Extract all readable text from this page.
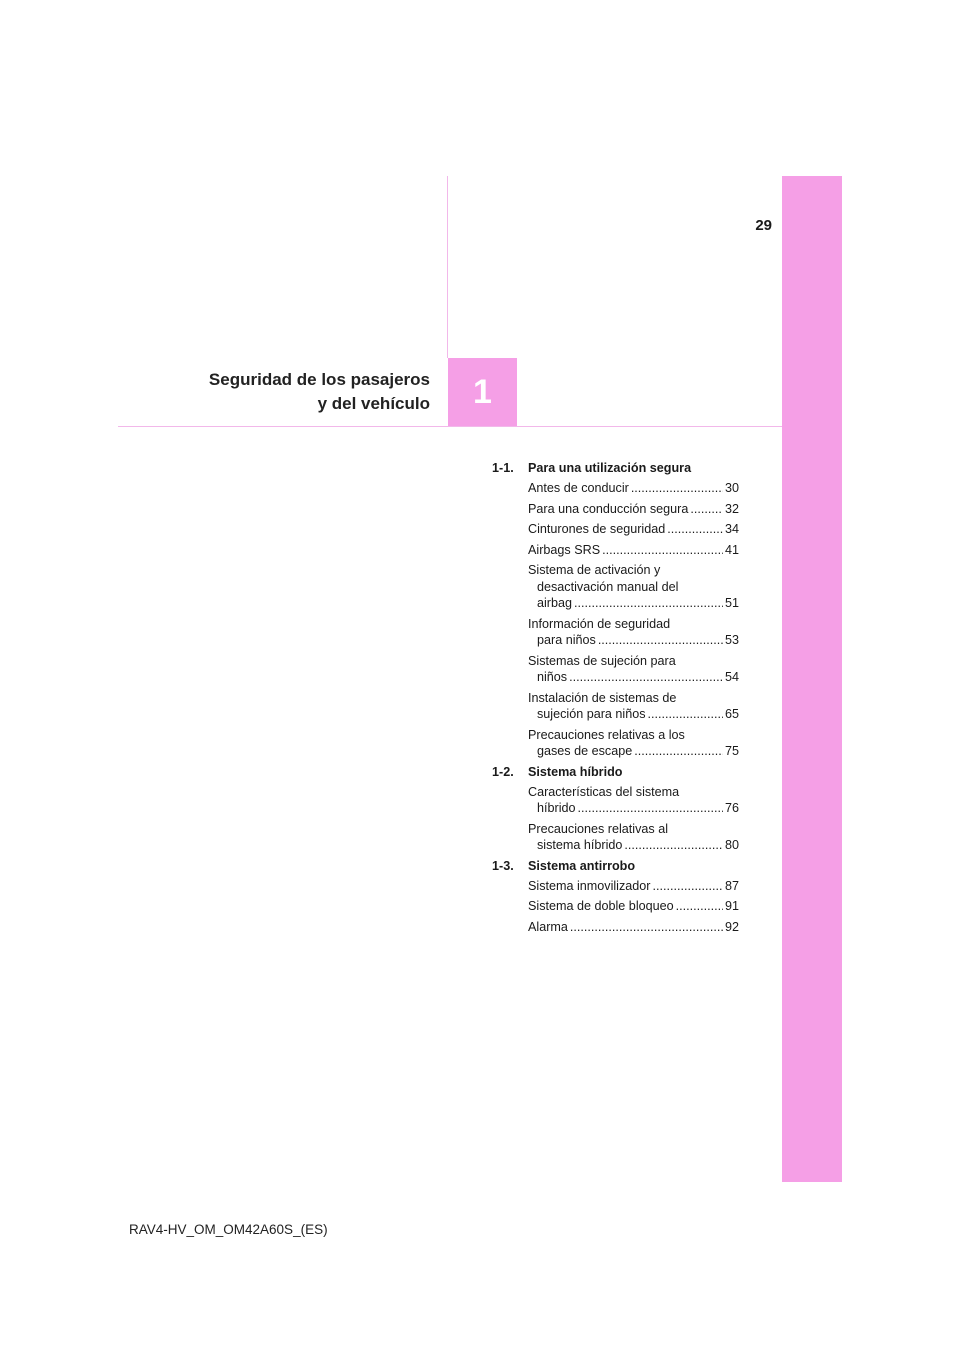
29
Seguridad de los pasajeros
y del vehículo 1
1-1. Para una utilización segura
Antes de conducir .....	30
Para una conducción segura .....	32
Cinturones de seguridad .....	34
Airbags SRS .....	41
Sistema de activación y
desactivación manual del
airbag .....	51
Información de seguridad
para niños .....	53
Sistemas de sujeción para
niños .....	54
Instalación de sistemas de
sujeción para niños .....	65
Precauciones relativas a los
gases de escape .....	75
1-2. Sistema híbrido
Características del sistema
híbrido .....	76
Precauciones relativas al
sistema híbrido .....	80
1-3. Sistema antirrobo
Sistema inmovilizador .....	87
Sistema de doble bloqueo .....	91
Alarma .....	92
RAV4-HV_OM_OM42A60S_(ES)
